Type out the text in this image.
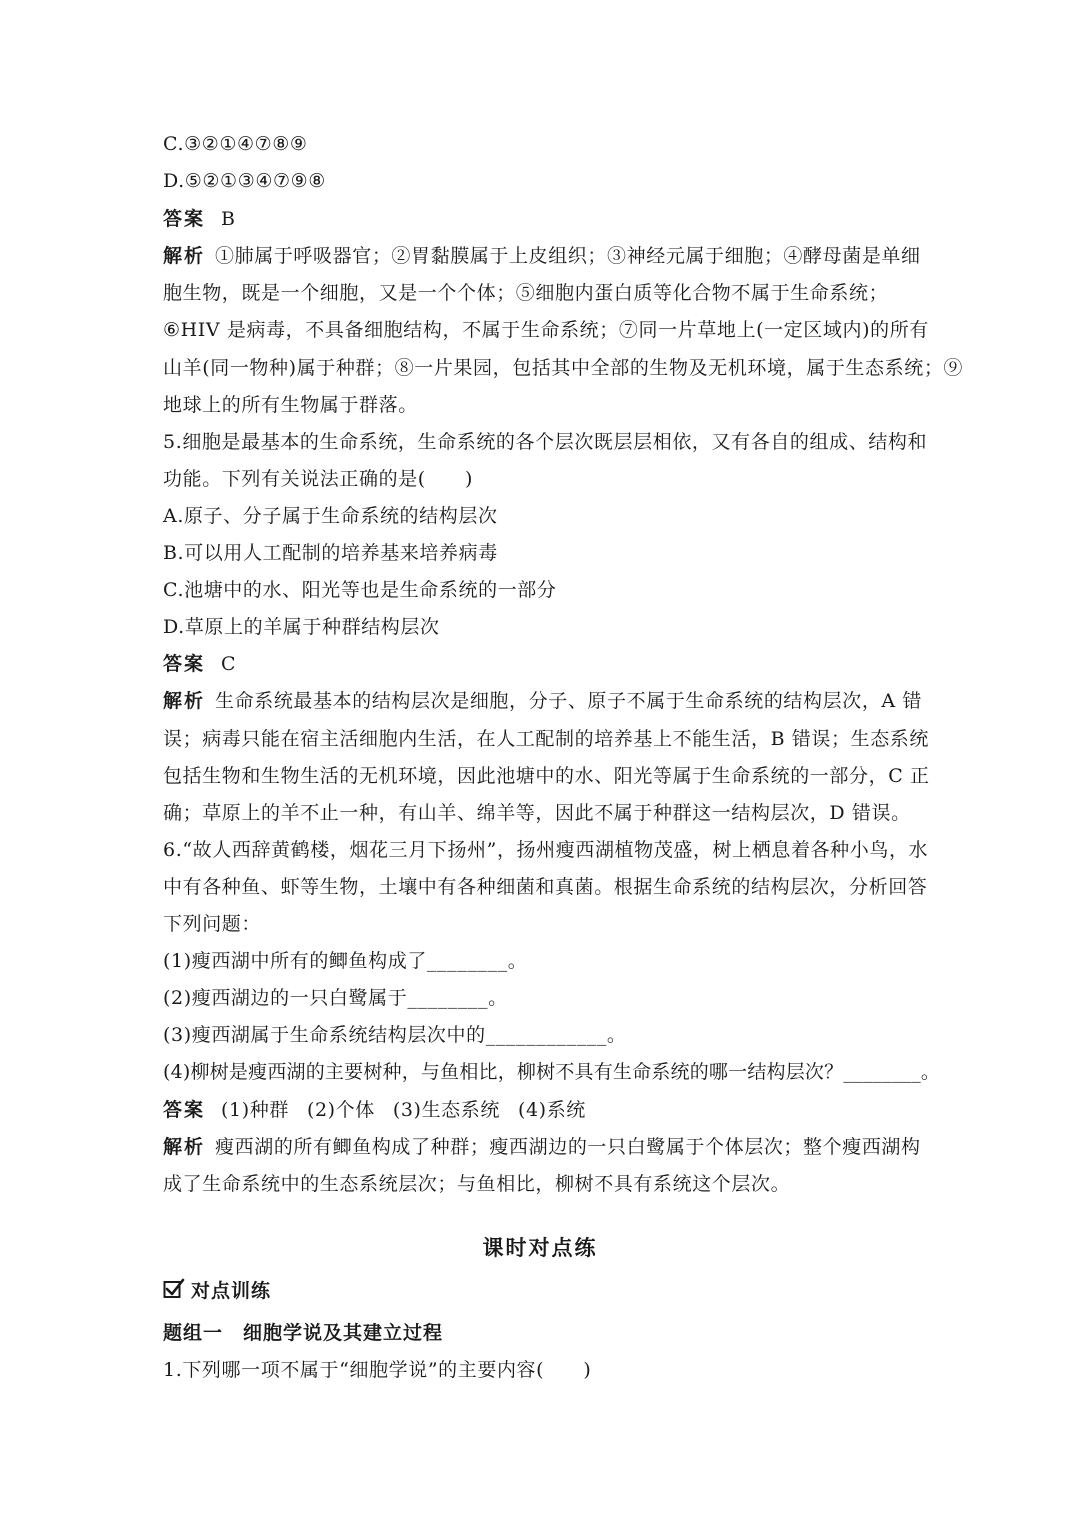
C.③②①④⑦⑧⑨
D.⑤②①③④⑦⑨⑧
答案 B
解析 ①肺属于呼吸器官；②胃黏膜属于上皮组织；③神经元属于细胞；④酵母菌是单细
胞生物，既是一个细胞，又是一个个体；⑤细胞内蛋白质等化合物不属于生命系统；
⑥HIV 是病毒，不具备细胞结构，不属于生命系统；⑦同一片草地上(一定区域内)的所有
山羊(同一物种)属于种群；⑧一片果园，包括其中全部的生物及无机环境，属于生态系统；⑨
地球上的所有生物属于群落。
5.细胞是最基本的生命系统，生命系统的各个层次既层层相依，又有各自的组成、结构和
功能。下列有关说法正确的是(　　)
A.原子、分子属于生命系统的结构层次
B.可以用人工配制的培养基来培养病毒
C.池塘中的水、阳光等也是生命系统的一部分
D.草原上的羊属于种群结构层次
答案 C
解析 生命系统最基本的结构层次是细胞，分子、原子不属于生命系统的结构层次，A 错
误；病毒只能在宿主活细胞内生活，在人工配制的培养基上不能生活，B 错误；生态系统
包括生物和生物生活的无机环境，因此池塘中的水、阳光等属于生命系统的一部分，C 正
确；草原上的羊不止一种，有山羊、绵羊等，因此不属于种群这一结构层次，D 错误。
6.“故人西辞黄鹤楼，烟花三月下扬州”，扬州瘦西湖植物茂盛，树上栖息着各种小鸟，水
中有各种鱼、虾等生物，土壤中有各种细菌和真菌。根据生命系统的结构层次，分析回答
下列问题：
(1)瘦西湖中所有的鲫鱼构成了________。
(2)瘦西湖边的一只白鹭属于________。
(3)瘦西湖属于生命系统结构层次中的____________。
(4)柳树是瘦西湖的主要树种，与鱼相比，柳树不具有生命系统的哪一结构层次？________。
答案 (1)种群 (2)个体 (3)生态系统 (4)系统
解析 瘦西湖的所有鲫鱼构成了种群；瘦西湖边的一只白鹭属于个体层次；整个瘦西湖构
成了生命系统中的生态系统层次；与鱼相比，柳树不具有系统这个层次。
课时对点练
对点训练
题组一　细胞学说及其建立过程
1.下列哪一项不属于“细胞学说”的主要内容(　　)
